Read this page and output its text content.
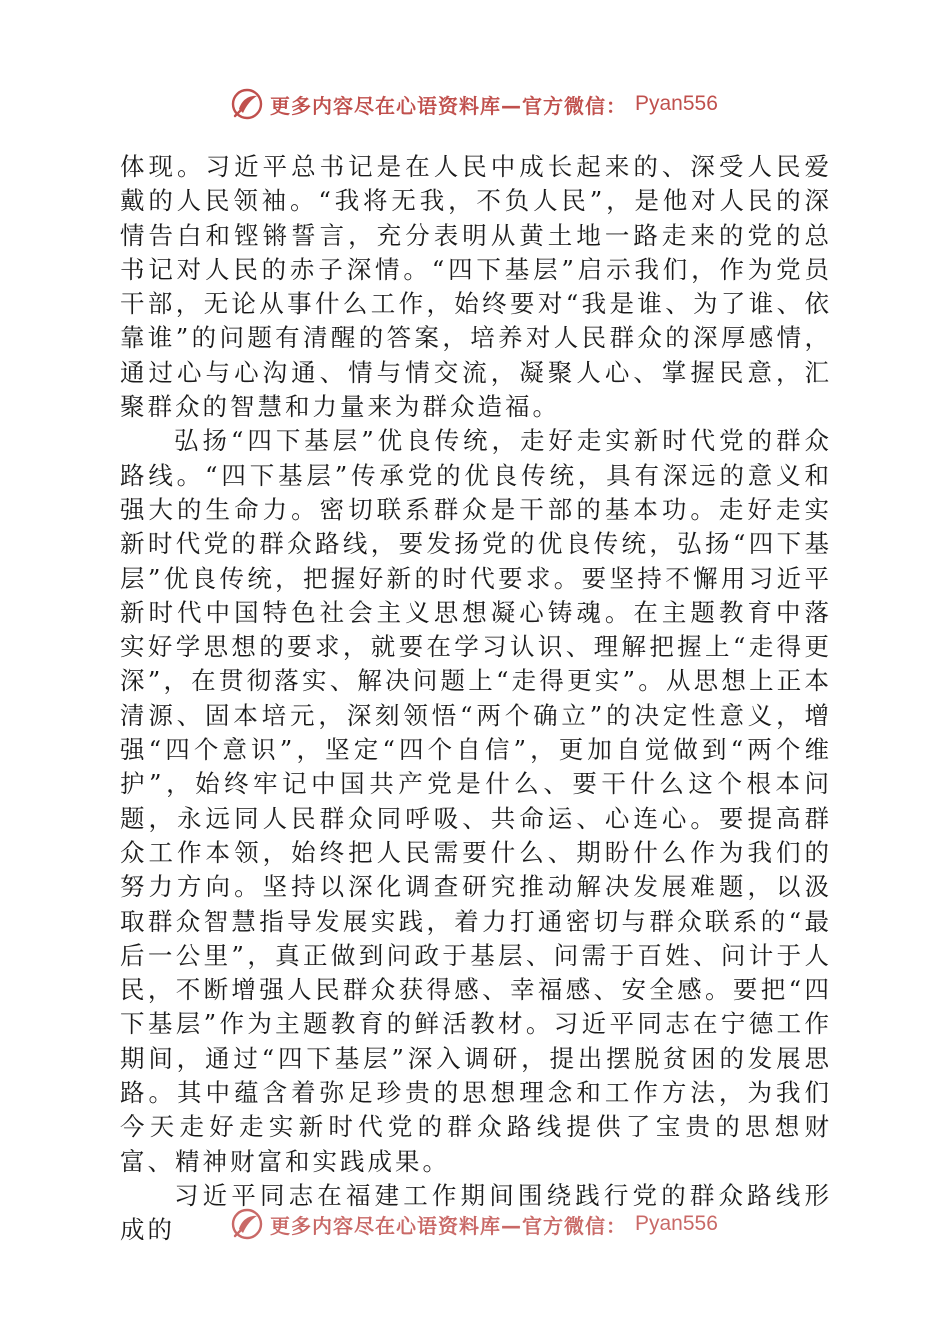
更多内容尽在心语资料库—官方微信： Pyan556

体现。习近平总书记是在人民中成长起来的、深受人民爱戴的人民领袖。“我将无我，不负人民”，是他对人民的深情告白和铿锵誓言，充分表明从黄土地一路走来的党的总书记对人民的赤子深情。“四下基层”启示我们，作为党员干部，无论从事什么工作，始终要对“我是谁、为了谁、依靠谁”的问题有清醒的答案，培养对人民群众的深厚感情，通过心与心沟通、情与情交流，凝聚人心、掌握民意，汇聚群众的智慧和力量来为群众造福。

弘扬“四下基层”优良传统，走好走实新时代党的群众路线。“四下基层”传承党的优良传统，具有深远的意义和强大的生命力。密切联系群众是干部的基本功。走好走实新时代党的群众路线，要发扬党的优良传统，弘扬“四下基层”优良传统，把握好新的时代要求。要坚持不懈用习近平新时代中国特色社会主义思想凝心铸魂。在主题教育中落实好学思想的要求，就要在学习认识、理解把握上“走得更深”，在贯彻落实、解决问题上“走得更实”。从思想上正本清源、固本培元，深刻领悟“两个确立”的决定性意义，增强“四个意识”，坚定“四个自信”，更加自觉做到“两个维护”，始终牢记中国共产党是什么、要干什么这个根本问题，永远同人民群众同呼吸、共命运、心连心。要提高群众工作本领，始终把人民需要什么、期盼什么作为我们的努力方向。坚持以深化调查研究推动解决发展难题，以汲取群众智慧指导发展实践，着力打通密切与群众联系的“最后一公里”，真正做到问政于基层、问需于百姓、问计于人民，不断增强人民群众获得感、幸福感、安全感。要把“四下基层”作为主题教育的鲜活教材。习近平同志在宁德工作期间，通过“四下基层”深入调研，提出摆脱贫困的发展思路。其中蕴含着弥足珍贵的思想理念和工作方法，为我们今天走好走实新时代党的群众路线提供了宝贵的思想财富、精神财富和实践成果。

习近平同志在福建工作期间围绕践行党的群众路线形成的	更多内容尽在心语资料库—官方微信： Pyan556
